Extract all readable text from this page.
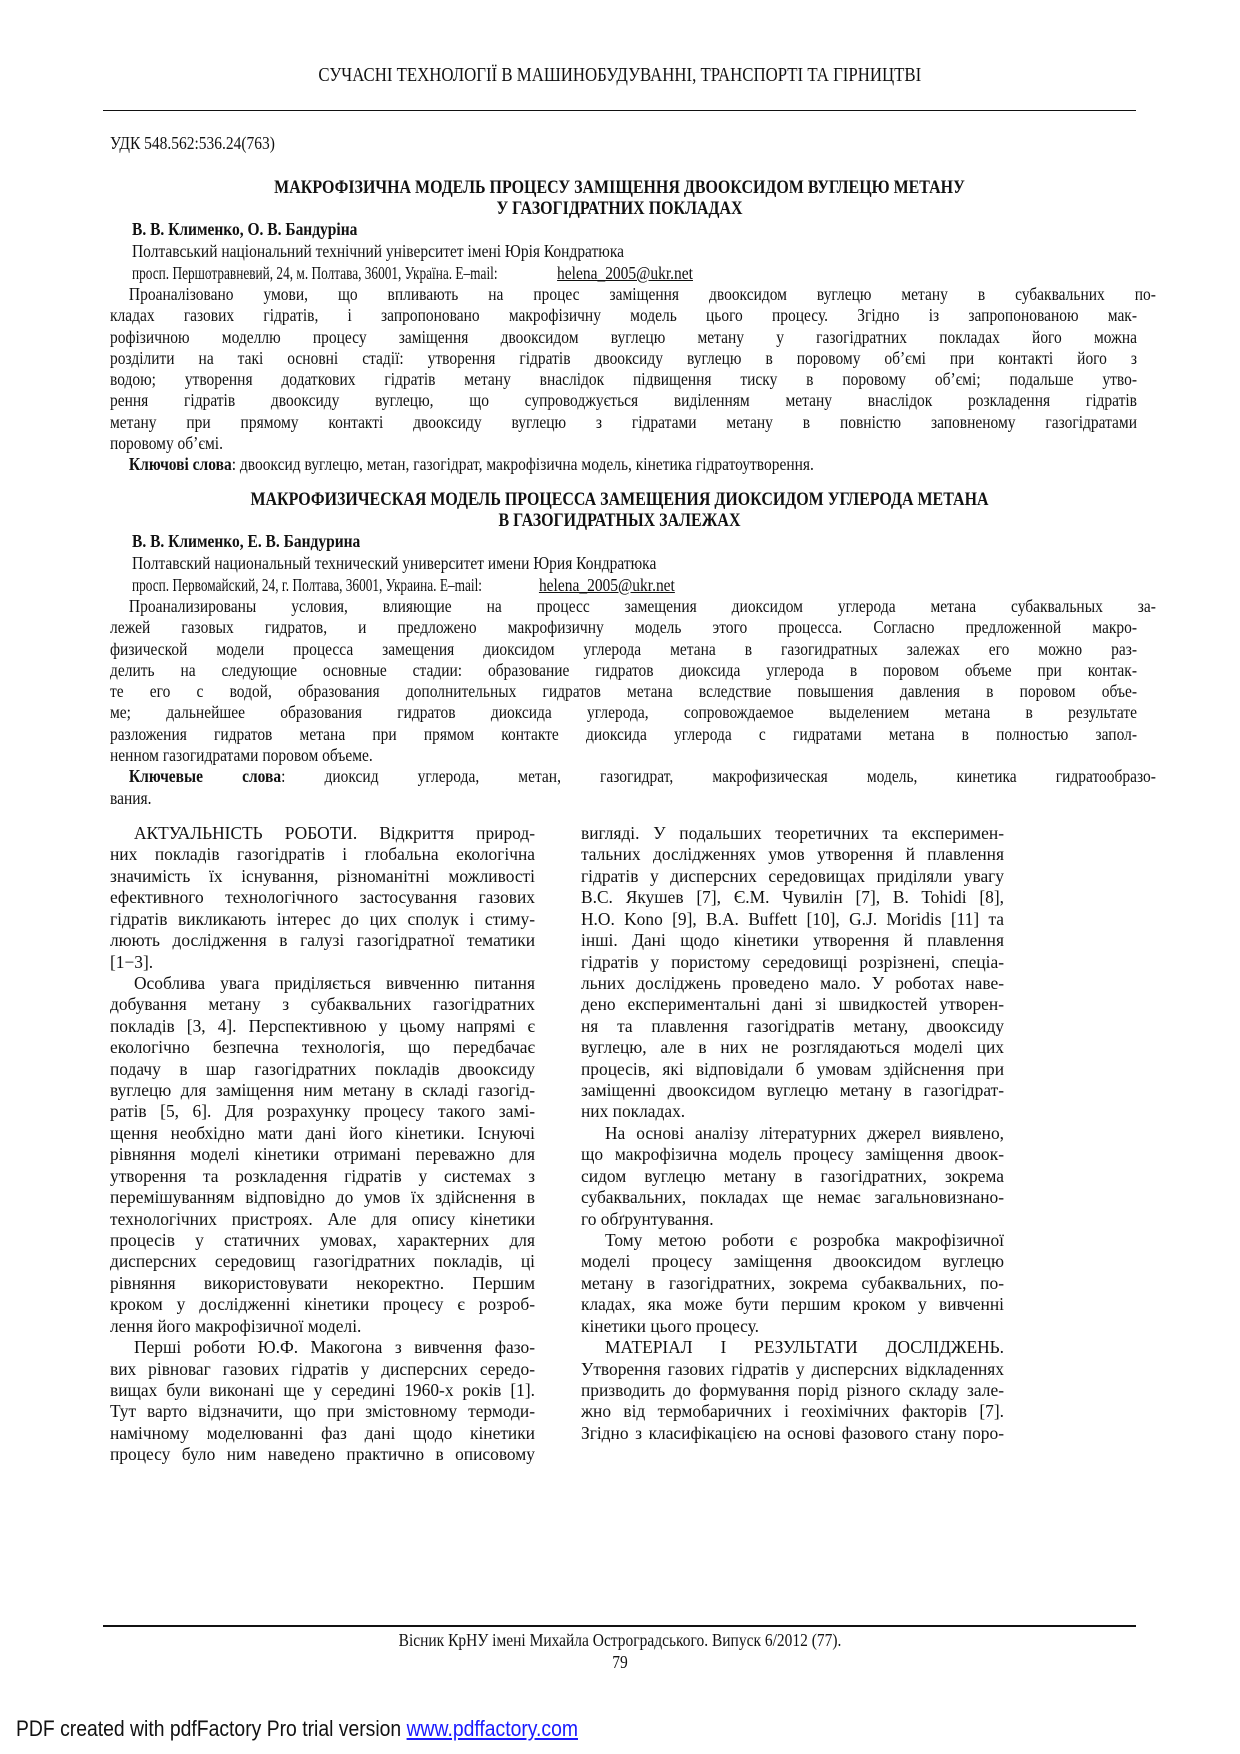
СУЧАСНІ ТЕХНОЛОГІЇ В МАШИНОБУДУВАННІ, ТРАНСПОРТІ ТА ГІРНИЦТВІ
УДК 548.562:536.24(763)
МАКРОФІЗИЧНА МОДЕЛЬ ПРОЦЕСУ ЗАМІЩЕННЯ ДВООКСИДОМ ВУГЛЕЦЮ МЕТАНУ
У ГАЗОГІДРАТНИХ ПОКЛАДАХ
В. В. Клименко, О. В. Бандуріна
Полтавський національний технічний університет імені Юрія Кондратюка
просп. Першотравневий, 24, м. Полтава, 36001, Україна. E–mail:	helena_2005@ukr.net
Проаналізовано умови, що впливають на процес заміщення двооксидом вуглецю метану в субаквальних по-
кладах газових гідратів, і запропоновано макрофізичну модель цього процесу. Згідно із запропонованою мак-
рофізичною моделлю процесу заміщення двооксидом вуглецю метану у газогідратних покладах його можна
розділити на такі основні стадії: утворення гідратів двооксиду вуглецю в поровому об’ємі при контакті його з
водою; утворення додаткових гідратів метану внаслідок підвищення тиску в поровому об’ємі; подальше утво-
рення гідратів двооксиду вуглецю, що супроводжується виділенням метану внаслідок розкладення гідратів
метану при прямому контакті двооксиду вуглецю з гідратами метану в повністю заповненому газогідратами
поровому об’ємі.
Ключові слова: двооксид вуглецю, метан, газогідрат, макрофізична модель, кінетика гідратоутворення.
МАКРОФИЗИЧЕСКАЯ МОДЕЛЬ ПРОЦЕССА ЗАМЕЩЕНИЯ ДИОКСИДОМ УГЛЕРОДА МЕТАНА
В ГАЗОГИДРАТНЫХ ЗАЛЕЖАХ
В. В. Клименко, Е. В. Бандурина
Полтавский национальный технический университет имени Юрия Кондратюка
просп. Первомайский, 24, г. Полтава, 36001, Украина. E–mail:	helena_2005@ukr.net
Проанализированы условия, влияющие на процесс замещения диоксидом углерода метана субаквальных за-
лежей газовых гидратов, и предложено макрофизичну модель этого процесса. Согласно предложенной макро-
физической модели процесса замещения диоксидом углерода метана в газогидратных залежах его можно раз-
делить на следующие основные стадии: образование гидратов диоксида углерода в поровом объеме при контак-
те его с водой, образования дополнительных гидратов метана вследствие повышения давления в поровом объе-
ме; дальнейшее образования гидратов диоксида углерода, сопровождаемое выделением метана в результате
разложения гидратов метана при прямом контакте диоксида углерода с гидратами метана в полностью запол-
ненном газогидратами поровом объеме.
Ключевые слова: диоксид углерода, метан, газогидрат, макрофизическая модель, кинетика гидратообразо-
вания.
АКТУАЛЬНІСТЬ РОБОТИ. Відкриття природ-
них покладів газогідратів і глобальна екологічна
значимість їх існування, різноманітні можливості
ефективного технологічного застосування газових
гідратів викликають інтерес до цих сполук і стиму-
люють дослідження в галузі газогідратної тематики
[1−3].
Особлива увага приділяється вивченню питання
добування метану з субаквальних газогідратних
покладів [3, 4]. Перспективною у цьому напрямі є
екологічно безпечна технологія, що передбачає
подачу в шар газогідратних покладів двооксиду
вуглецю для заміщення ним метану в складі газогід-
ратів [5, 6]. Для розрахунку процесу такого замі-
щення необхідно мати дані його кінетики. Існуючі
рівняння моделі кінетики отримані переважно для
утворення та розкладення гідратів у системах з
перемішуванням відповідно до умов їх здійснення в
технологічних пристроях. Але для опису кінетики
процесів у статичних умовах, характерних для
дисперсних середовищ газогідратних покладів, ці
рівняння використовувати некоректно. Першим
кроком у дослідженні кінетики процесу є розроб-
лення його макрофізичної моделі.
Перші роботи Ю.Ф. Макогона з вивчення фазо-
вих рівноваг газових гідратів у дисперсних середо-
вищах були виконані ще у середині 1960-х років [1].
Тут варто відзначити, що при змістовному термоди-
намічному моделюванні фаз дані щодо кінетики
процесу було ним наведено практично в описовому
вигляді. У подальших теоретичних та експеримен-
тальних дослідженнях умов утворення й плавлення
гідратів у дисперсних середовищах приділяли увагу
В.С. Якушев [7], Є.М. Чувилін [7], B. Tohidi [8],
H.O. Kono [9], B.A. Buffett [10], G.J. Moridis [11] та
інші. Дані щодо кінетики утворення й плавлення
гідратів у пористому середовищі розрізнені, спеціа-
льних досліджень проведено мало. У роботах наве-
дено експериментальні дані зі швидкостей утворен-
ня та плавлення газогідратів метану, двооксиду
вуглецю, але в них не розглядаються моделі цих
процесів, які відповідали б умовам здійснення при
заміщенні двооксидом вуглецю метану в газогідрат-
них покладах.
На основі аналізу літературних джерел виявлено,
що макрофізична модель процесу заміщення двоок-
сидом вуглецю метану в газогідратних, зокрема
субаквальних, покладах ще немає загальновизнано-
го обґрунтування.
Тому метою роботи є розробка макрофізичної
моделі процесу заміщення двооксидом вуглецю
метану в газогідратних, зокрема субаквальних, по-
кладах, яка може бути першим кроком у вивченні
кінетики цього процесу.
МАТЕРІАЛ І РЕЗУЛЬТАТИ ДОСЛІДЖЕНЬ.
Утворення газових гідратів у дисперсних відкладеннях
призводить до формування порід різного складу зале-
жно від термобаричних і геохімічних факторів [7].
Згідно з класифікацією на основі фазового стану поро-
Вісник КрНУ імені Михайла Остроградського. Випуск 6/2012 (77).
79
PDF created with pdfFactory Pro trial version www.pdffactory.com
